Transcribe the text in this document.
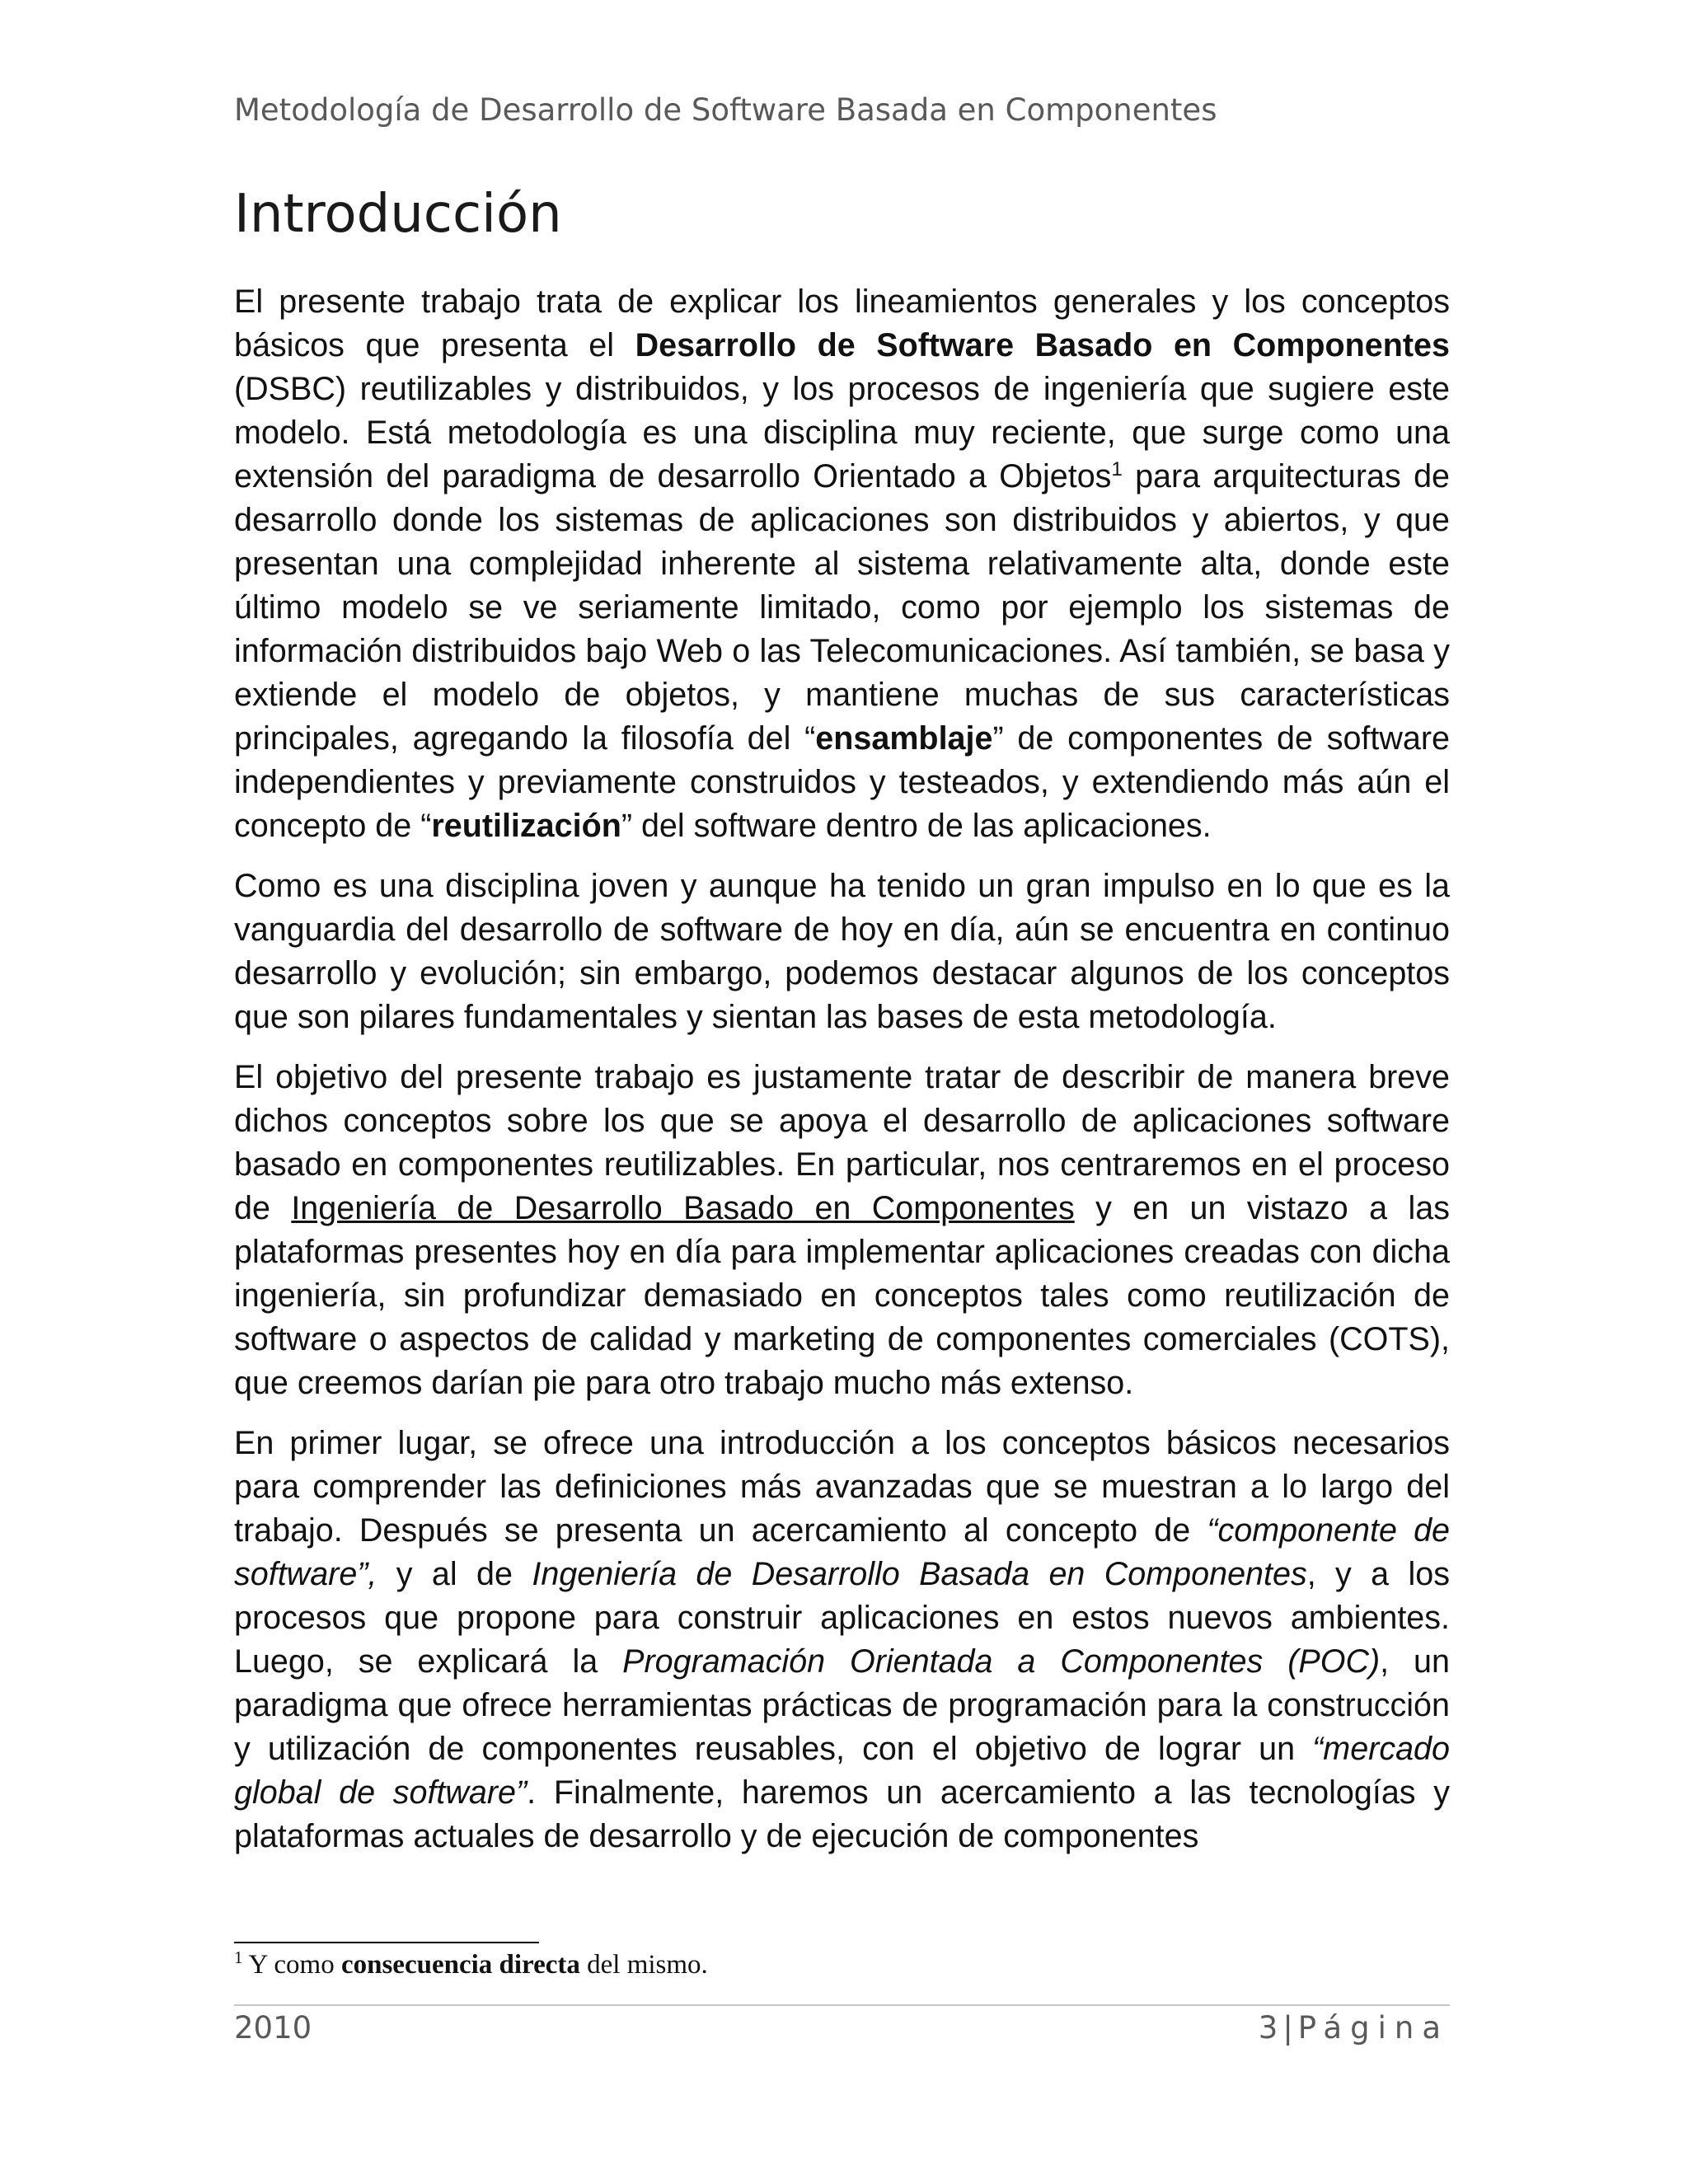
Metodología de Desarrollo de Software Basada en Componentes
Introducción

El presente trabajo trata de explicar los lineamientos generales y los conceptos básicos que presenta el Desarrollo de Software Basado en Componentes (DSBC) reutilizables y distribuidos, y los procesos de ingeniería que sugiere este modelo. Está metodología es una disciplina muy reciente, que surge como una extensión del paradigma de desarrollo Orientado a Objetos$^1$ para arquitecturas de desarrollo donde los sistemas de aplicaciones son distribuidos y abiertos, y que presentan una complejidad inherente al sistema relativamente alta, donde este último modelo se ve seriamente limitado, como por ejemplo los sistemas de información distribuidos bajo Web o las Telecomunicaciones. Así también, se basa y extiende el modelo de objetos, y mantiene muchas de sus características principales, agregando la filosofía del “ensamblaje” de componentes de software independientes y previamente construidos y testeados, y extendiendo más aún el concepto de “reutilización” del software dentro de las aplicaciones.

Como es una disciplina joven y aunque ha tenido un gran impulso en lo que es la vanguardia del desarrollo de software de hoy en día, aún se encuentra en continuo desarrollo y evolución; sin embargo, podemos destacar algunos de los conceptos que son pilares fundamentales y sientan las bases de esta metodología.

El objetivo del presente trabajo es justamente tratar de describir de manera breve dichos conceptos sobre los que se apoya el desarrollo de aplicaciones software basado en componentes reutilizables. En particular, nos centraremos en el proceso de Ingeniería de Desarrollo Basado en Componentes y en un vistazo a las plataformas presentes hoy en día para implementar aplicaciones creadas con dicha ingeniería, sin profundizar demasiado en conceptos tales como reutilización de software o aspectos de calidad y marketing de componentes comerciales (COTS), que creemos darían pie para otro trabajo mucho más extenso.

En primer lugar, se ofrece una introducción a los conceptos básicos necesarios para comprender las definiciones más avanzadas que se muestran a lo largo del trabajo. Después se presenta un acercamiento al concepto de “componente de software”, y al de Ingeniería de Desarrollo Basada en Componentes, y a los procesos que propone para construir aplicaciones en estos nuevos ambientes. Luego, se explicará la Programación Orientada a Componentes (POC), un paradigma que ofrece herramientas prácticas de programación para la construcción y utilización de componentes reusables, con el objetivo de lograr un “mercado global de software”. Finalmente, haremos un acercamiento a las tecnologías y plataformas actuales de desarrollo y de ejecución de componentes

$^1$ Y como consecuencia directa del mismo.
2010	3 | Página
